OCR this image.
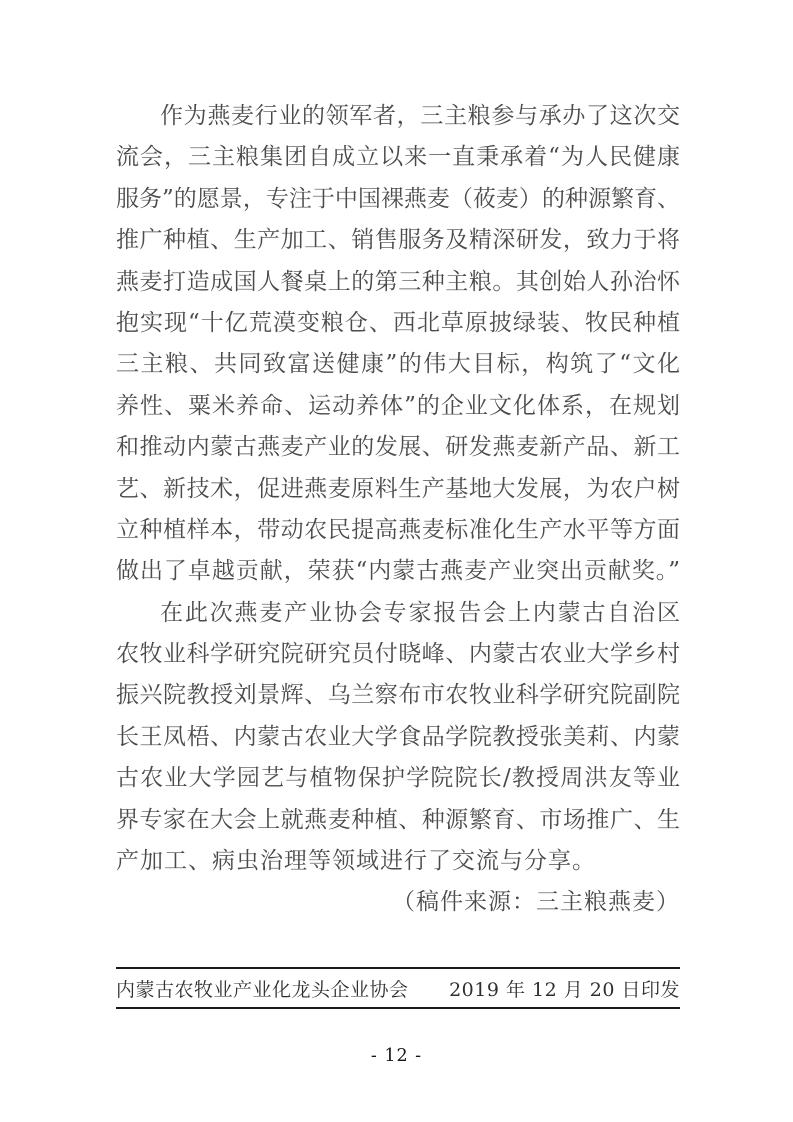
作为燕麦行业的领军者，三主粮参与承办了这次交
流会，三主粮集团自成立以来一直秉承着“为人民健康
服务”的愿景，专注于中国裸燕麦（莜麦）的种源繁育、
推广种植、生产加工、销售服务及精深研发，致力于将
燕麦打造成国人餐桌上的第三种主粮。其创始人孙治怀
抱实现“十亿荒漠变粮仓、西北草原披绿装、牧民种植
三主粮、共同致富送健康”的伟大目标，构筑了“文化
养性、粟米养命、运动养体”的企业文化体系，在规划
和推动内蒙古燕麦产业的发展、研发燕麦新产品、新工
艺、新技术，促进燕麦原料生产基地大发展，为农户树
立种植样本，带动农民提高燕麦标准化生产水平等方面
做出了卓越贡献，荣获“内蒙古燕麦产业突出贡献奖。”
在此次燕麦产业协会专家报告会上内蒙古自治区
农牧业科学研究院研究员付晓峰、内蒙古农业大学乡村
振兴院教授刘景辉、乌兰察布市农牧业科学研究院副院
长王凤梧、内蒙古农业大学食品学院教授张美莉、内蒙
古农业大学园艺与植物保护学院院长/教授周洪友等业
界专家在大会上就燕麦种植、种源繁育、市场推广、生
产加工、病虫治理等领域进行了交流与分享。
（稿件来源：三主粮燕麦）
内蒙古农牧业产业化龙头企业协会 2019 年 12 月 20 日印发
- 12 -
